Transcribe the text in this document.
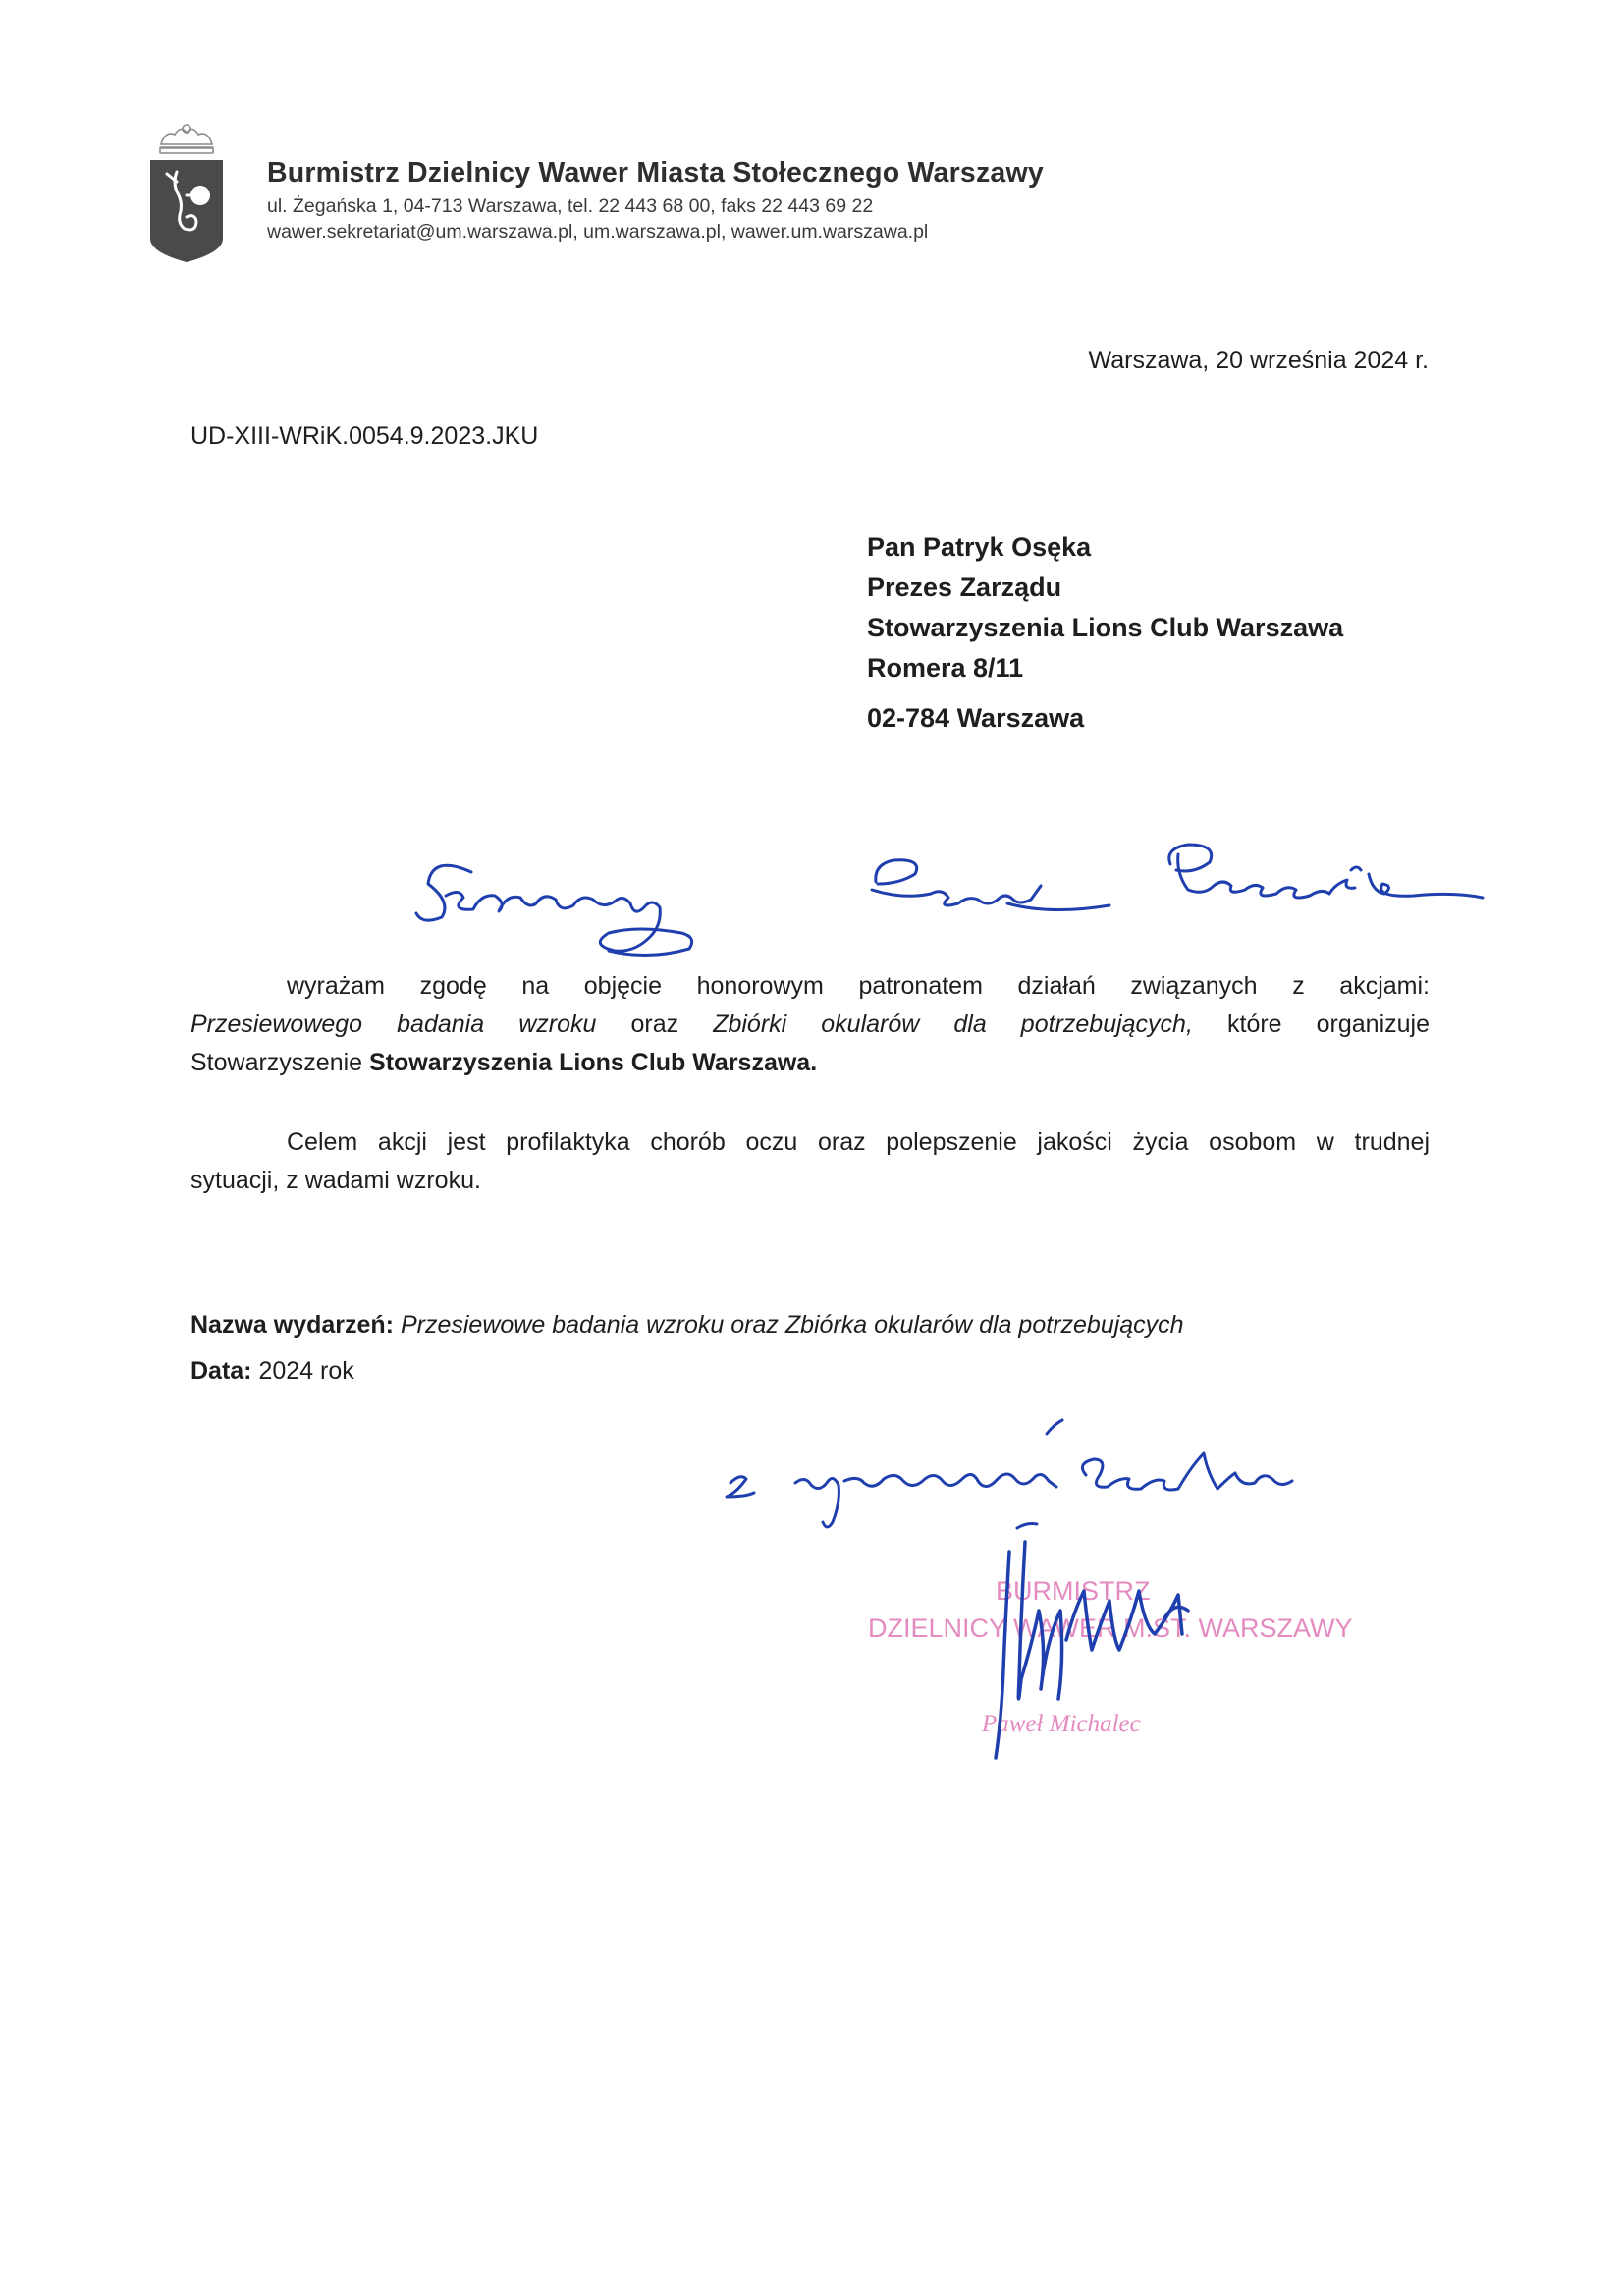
Burmistrz Dzielnicy Wawer Miasta Stołecznego Warszawy
ul. Żegańska 1, 04-713 Warszawa, tel. 22 443 68 00, faks 22 443 69 22
wawer.sekretariat@um.warszawa.pl, um.warszawa.pl, wawer.um.warszawa.pl
Warszawa, 20 września 2024 r.
UD-XIII-WRiK.0054.9.2023.JKU
Pan Patryk Osęka
Prezes Zarządu
Stowarzyszenia Lions Club Warszawa
Romera 8/11
02-784 Warszawa
wyrażam zgodę na objęcie honorowym patronatem działań związanych z akcjami:
Przesiewowego badania wzroku oraz Zbiórki okularów dla potrzebujących, które organizuje
Stowarzyszenie Stowarzyszenia Lions Club Warszawa.
Celem akcji jest profilaktyka chorób oczu oraz polepszenie jakości życia osobom w trudnej
sytuacji, z wadami wzroku.
Nazwa wydarzeń: Przesiewowe badania wzroku oraz Zbiórka okularów dla potrzebujących
Data: 2024 rok
BURMISTRZ
DZIELNICY WAWER M.ST. WARSZAWY
Paweł Michalec
